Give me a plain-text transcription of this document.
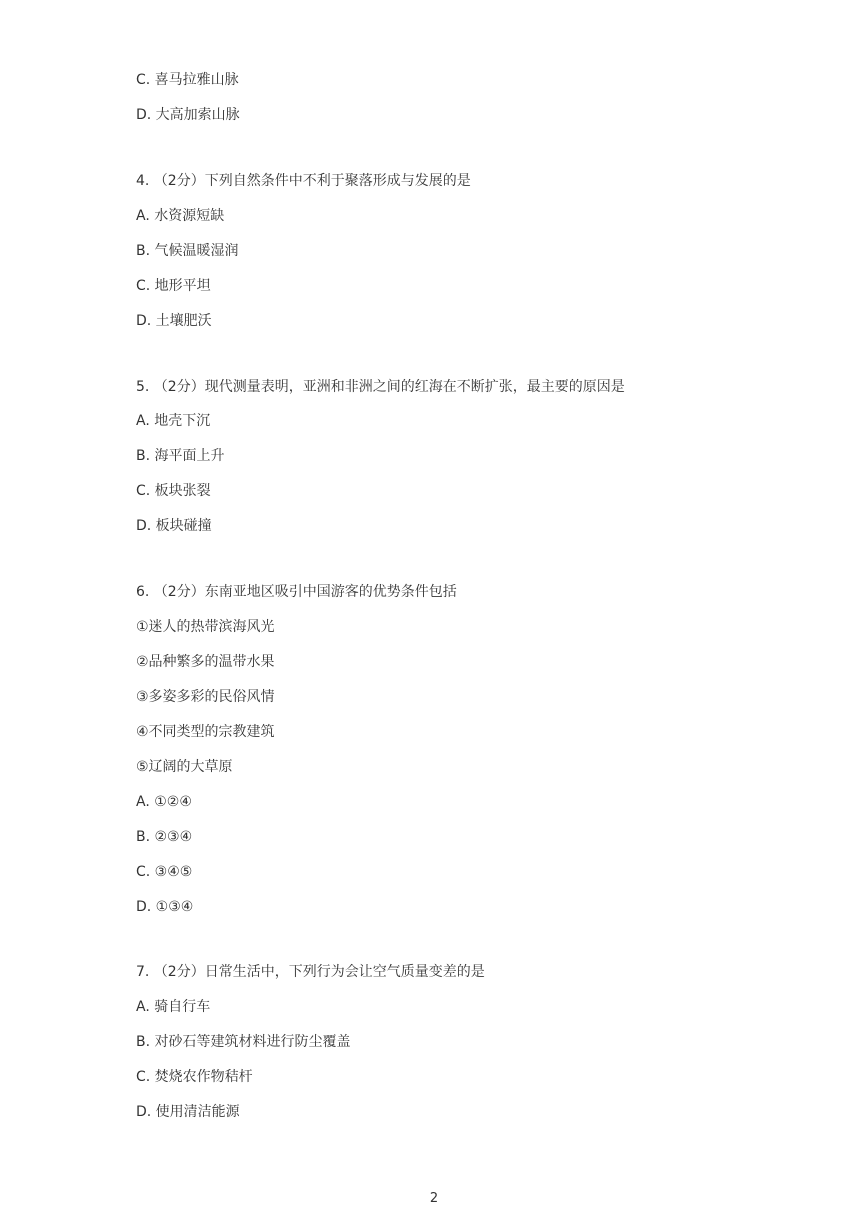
C. 喜马拉雅山脉
D. 大高加索山脉
4. （2分）下列自然条件中不利于聚落形成与发展的是
A. 水资源短缺
B. 气候温暖湿润
C. 地形平坦
D. 土壤肥沃
5. （2分）现代测量表明，亚洲和非洲之间的红海在不断扩张，最主要的原因是
A. 地壳下沉
B. 海平面上升
C. 板块张裂
D. 板块碰撞
6. （2分）东南亚地区吸引中国游客的优势条件包括
①迷人的热带滨海风光
②品种繁多的温带水果
③多姿多彩的民俗风情
④不同类型的宗教建筑
⑤辽阔的大草原
A. ①②④
B. ②③④
C. ③④⑤
D. ①③④
7. （2分）日常生活中，下列行为会让空气质量变差的是
A. 骑自行车
B. 对砂石等建筑材料进行防尘覆盖
C. 焚烧农作物秸杆
D. 使用清洁能源
2
